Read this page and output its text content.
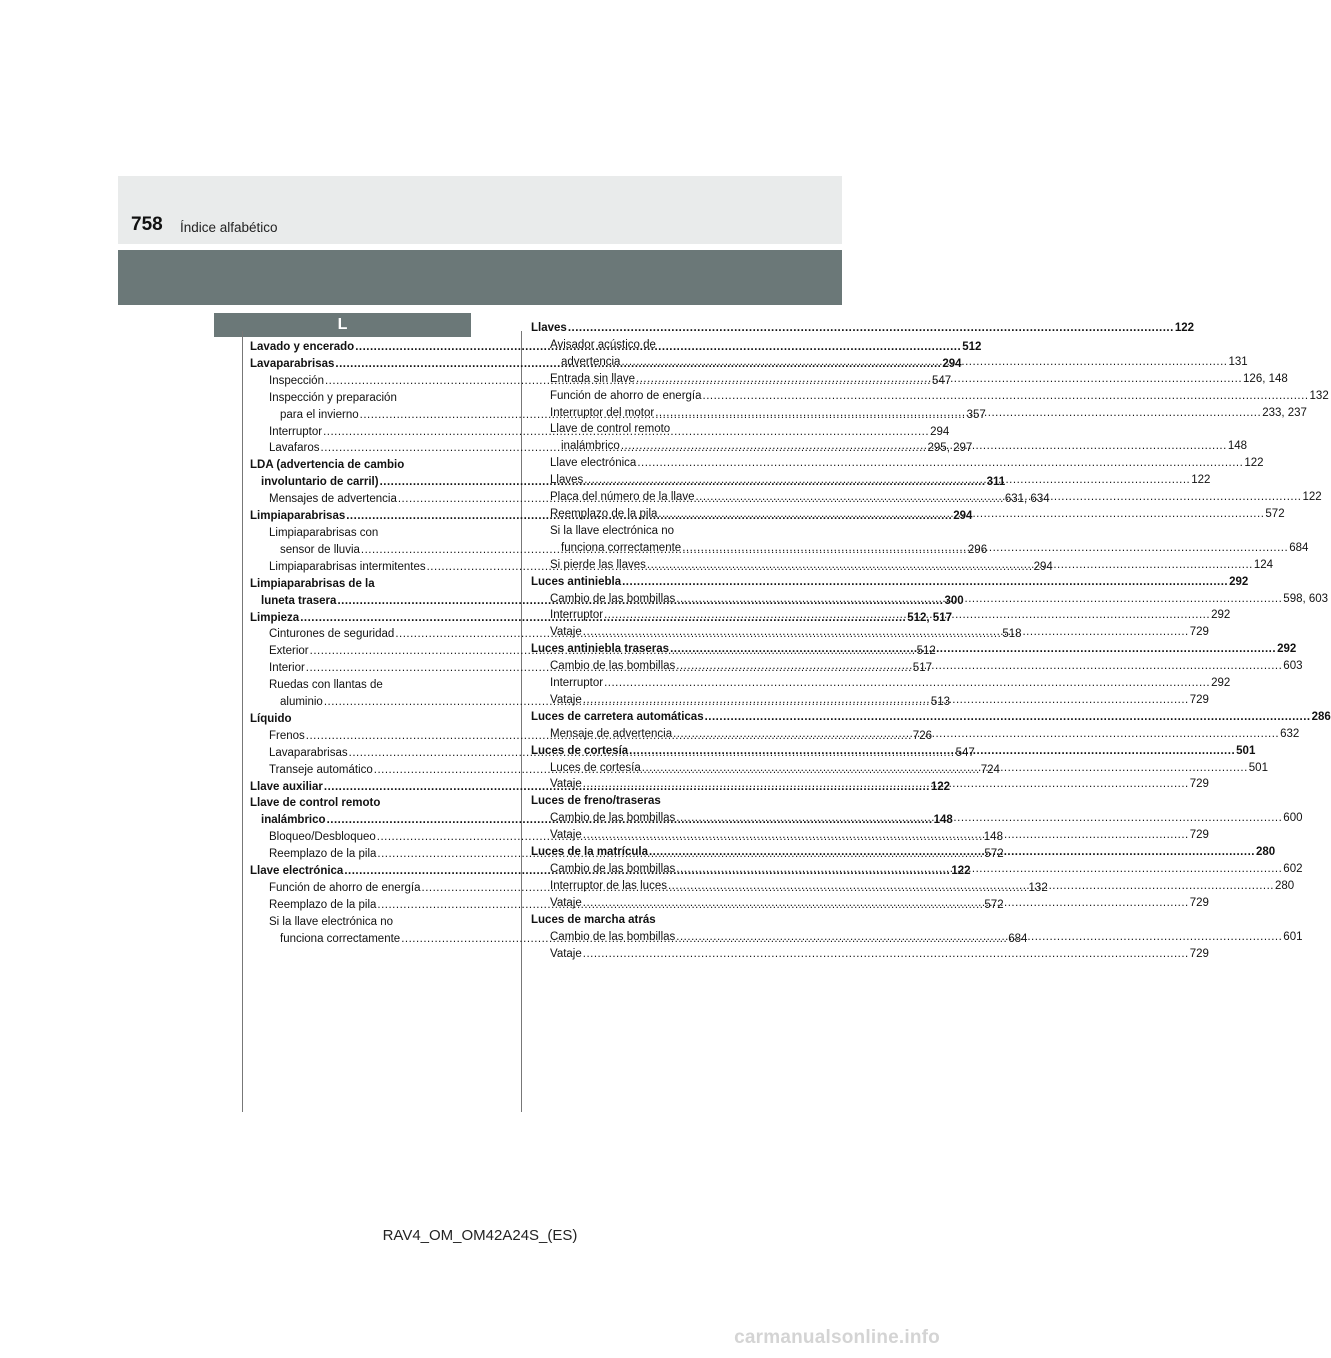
758 Índice alfabético
L
Lavado y encerado .....	512
Lavaparabrisas .....	294
Inspección .....	547
Inspección y preparación
para el invierno .....	357
Interruptor .....	294
Lavafaros .....	295, 297
LDA (advertencia de cambio
involuntario de carril) .....	311
Mensajes de advertencia .....	631, 634
Limpiaparabrisas .....	294
Limpiaparabrisas con
sensor de lluvia .....	296
Limpiaparabrisas intermitentes .....	294
Limpiaparabrisas de la
luneta trasera .....	300
Limpieza .....	512, 517
Cinturones de seguridad .....	518
Exterior .....	512
Interior .....	517
Ruedas con llantas de
aluminio .....	513
Líquido
Frenos .....	726
Lavaparabrisas .....	547
Transeje automático .....	724
Llave auxiliar .....	122
Llave de control remoto
inalámbrico .....	148
Bloqueo/Desbloqueo .....	148
Reemplazo de la pila .....	572
Llave electrónica .....	122
Función de ahorro de energía .....	132
Reemplazo de la pila .....	572
Si la llave electrónica no
funciona correctamente .....	684
Llaves .....	122
Avisador acústico de
advertencia .....	131
Entrada sin llave .....	126, 148
Función de ahorro de energía .....	132
Interruptor del motor .....	233, 237
Llave de control remoto
inalámbrico .....	148
Llave electrónica .....	122
Llaves .....	122
Placa del número de la llave .....	122
Reemplazo de la pila .....	572
Si la llave electrónica no
funciona correctamente .....	684
Si pierde las llaves .....	124
Luces antiniebla .....	292
Cambio de las bombillas .....	598, 603
Interruptor .....	292
Vataje .....	729
Luces antiniebla traseras .....	292
Cambio de las bombillas .....	603
Interruptor .....	292
Vataje .....	729
Luces de carretera automáticas .....	286
Mensaje de advertencia .....	632
Luces de cortesía .....	501
Luces de cortesía .....	501
Vataje .....	729
Luces de freno/traseras
Cambio de las bombillas .....	600
Vataje .....	729
Luces de la matrícula .....	280
Cambio de las bombillas .....	602
Interruptor de las luces .....	280
Vataje .....	729
Luces de marcha atrás
Cambio de las bombillas .....	601
Vataje .....	729
RAV4_OM_OM42A24S_(ES)
carmanualsonline.info
